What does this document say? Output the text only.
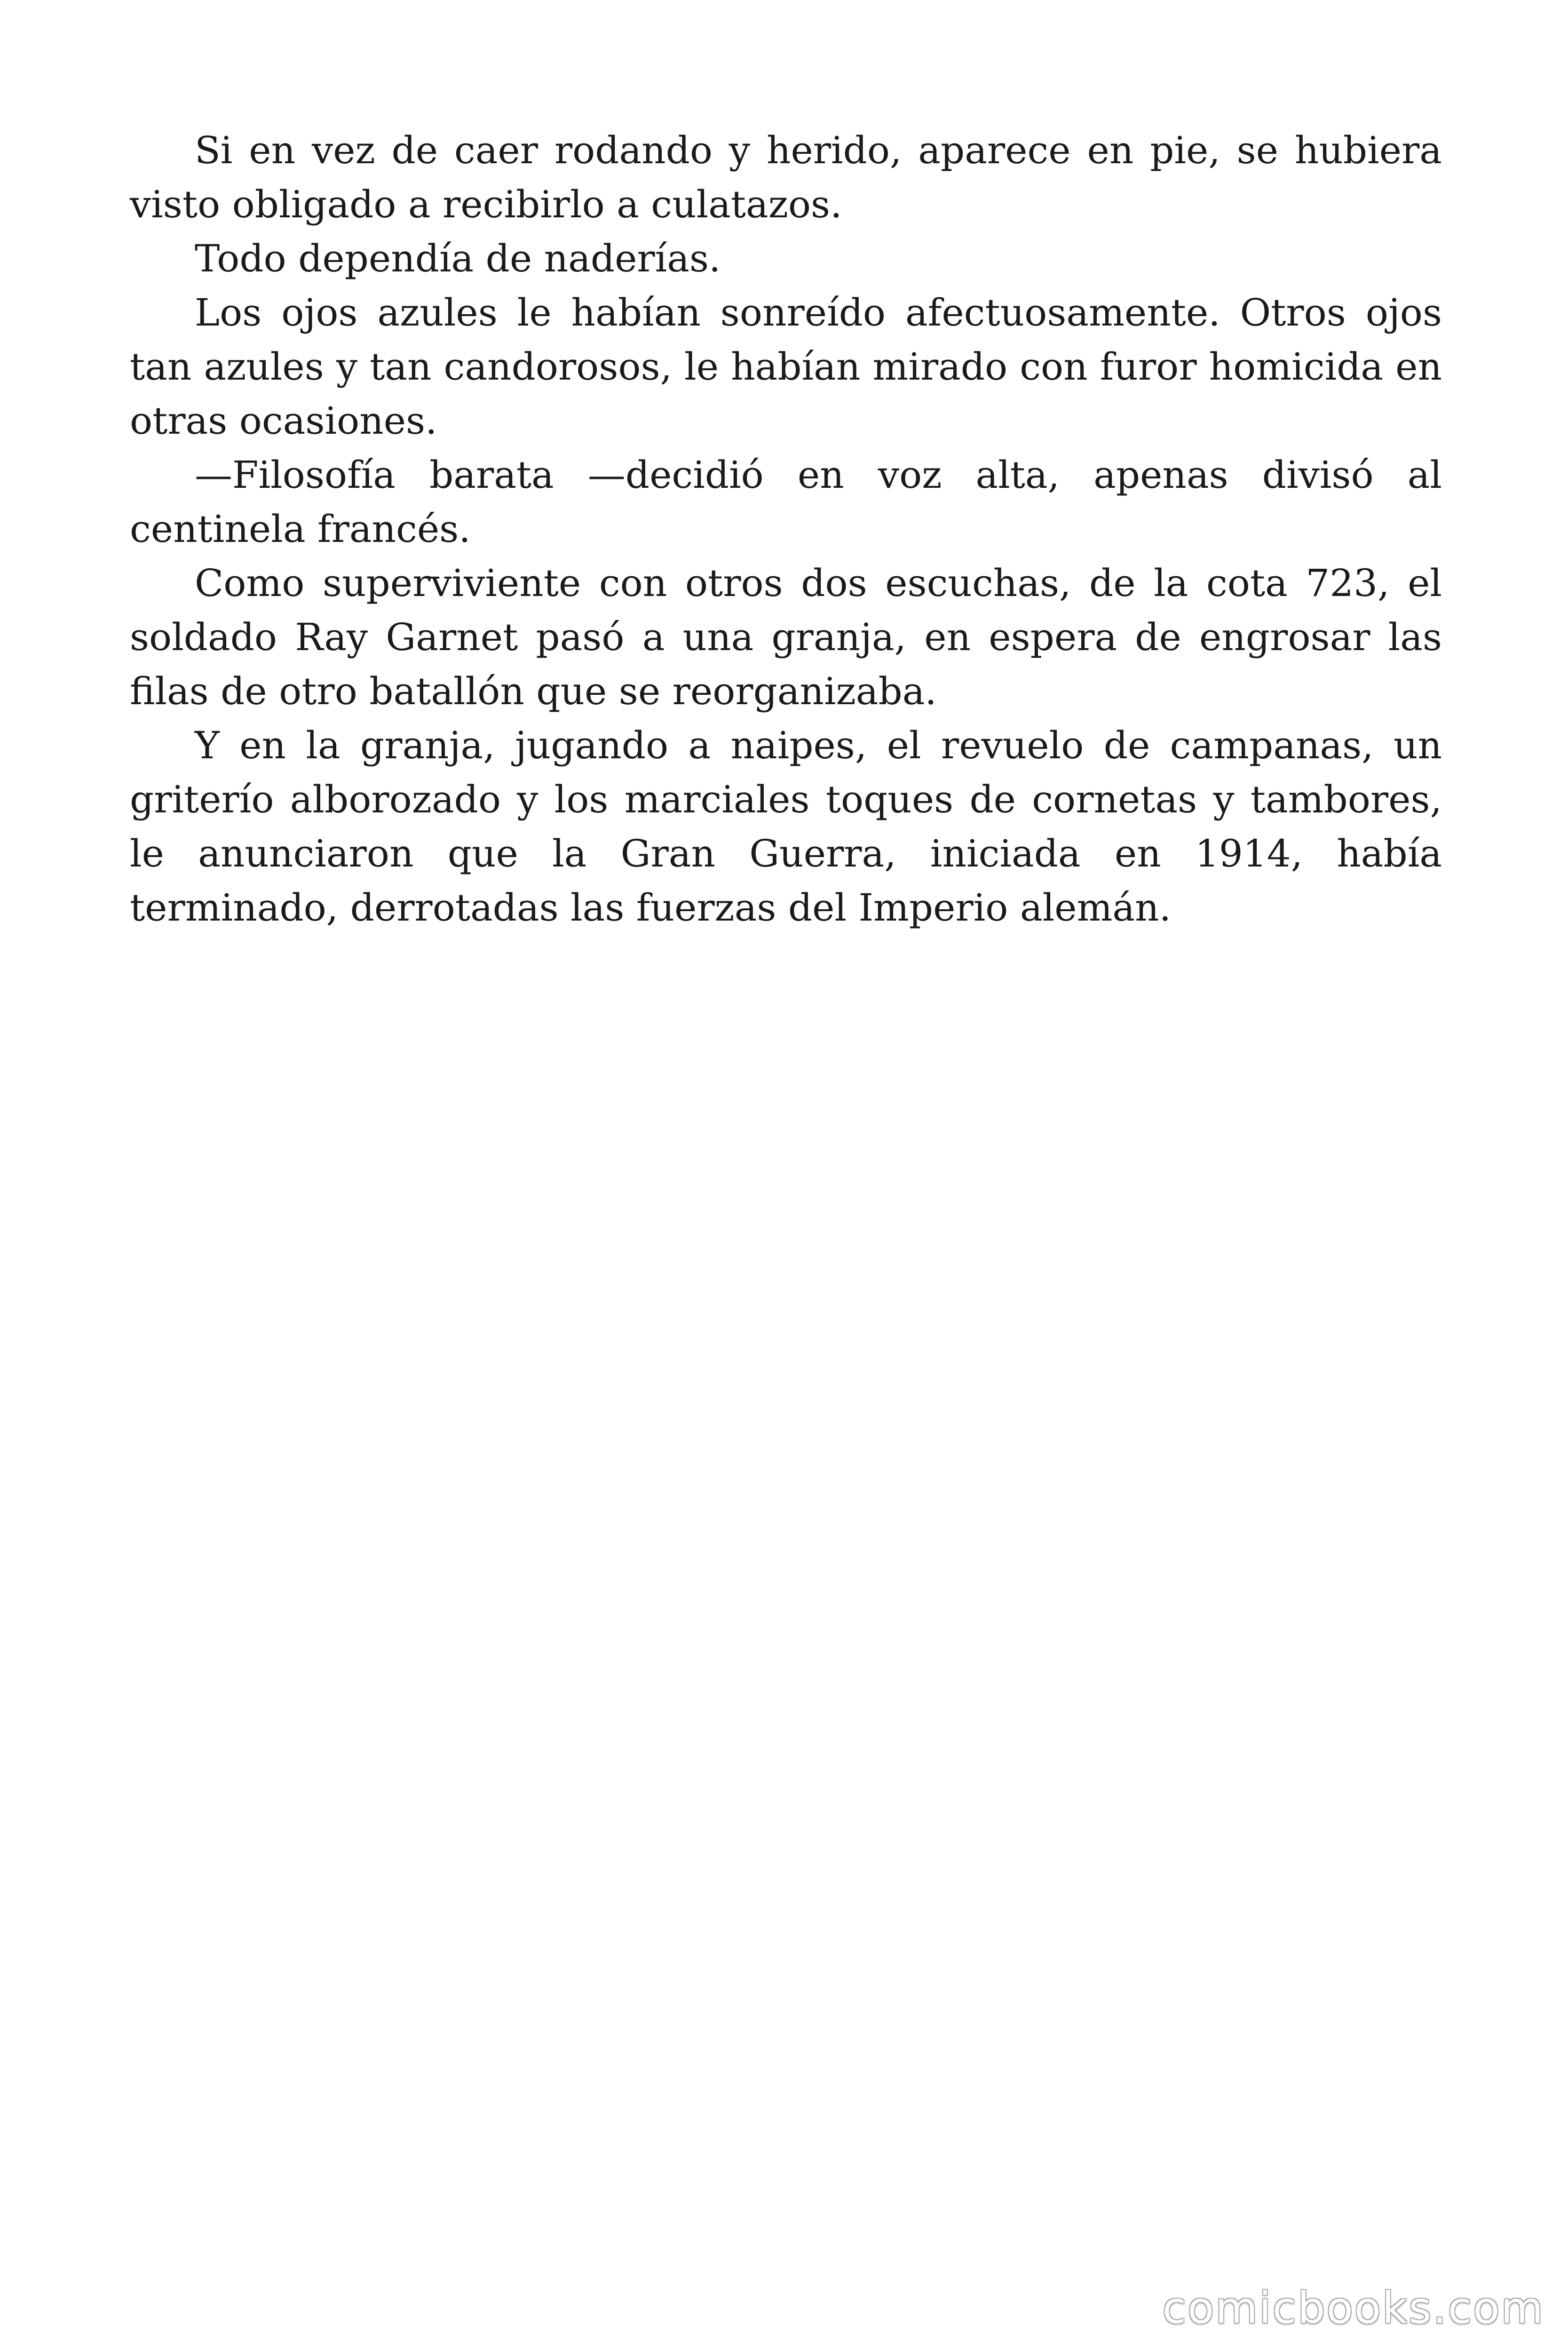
Si en vez de caer rodando y herido, aparece en pie, se hubiera visto obligado a recibirlo a culatazos.

Todo dependía de naderías.

Los ojos azules le habían sonreído afectuosamente. Otros ojos tan azules y tan candorosos, le habían mirado con furor homicida en otras ocasiones.

—Filosofía barata —decidió en voz alta, apenas divisó al centinela francés.

Como superviviente con otros dos escuchas, de la cota 723, el soldado Ray Garnet pasó a una granja, en espera de engrosar las filas de otro batallón que se reorganizaba.

Y en la granja, jugando a naipes, el revuelo de campanas, un griterío alborozado y los marciales toques de cornetas y tambores, le anunciaron que la Gran Guerra, iniciada en 1914, había terminado, derrotadas las fuerzas del Imperio alemán.

comicbooks.com
